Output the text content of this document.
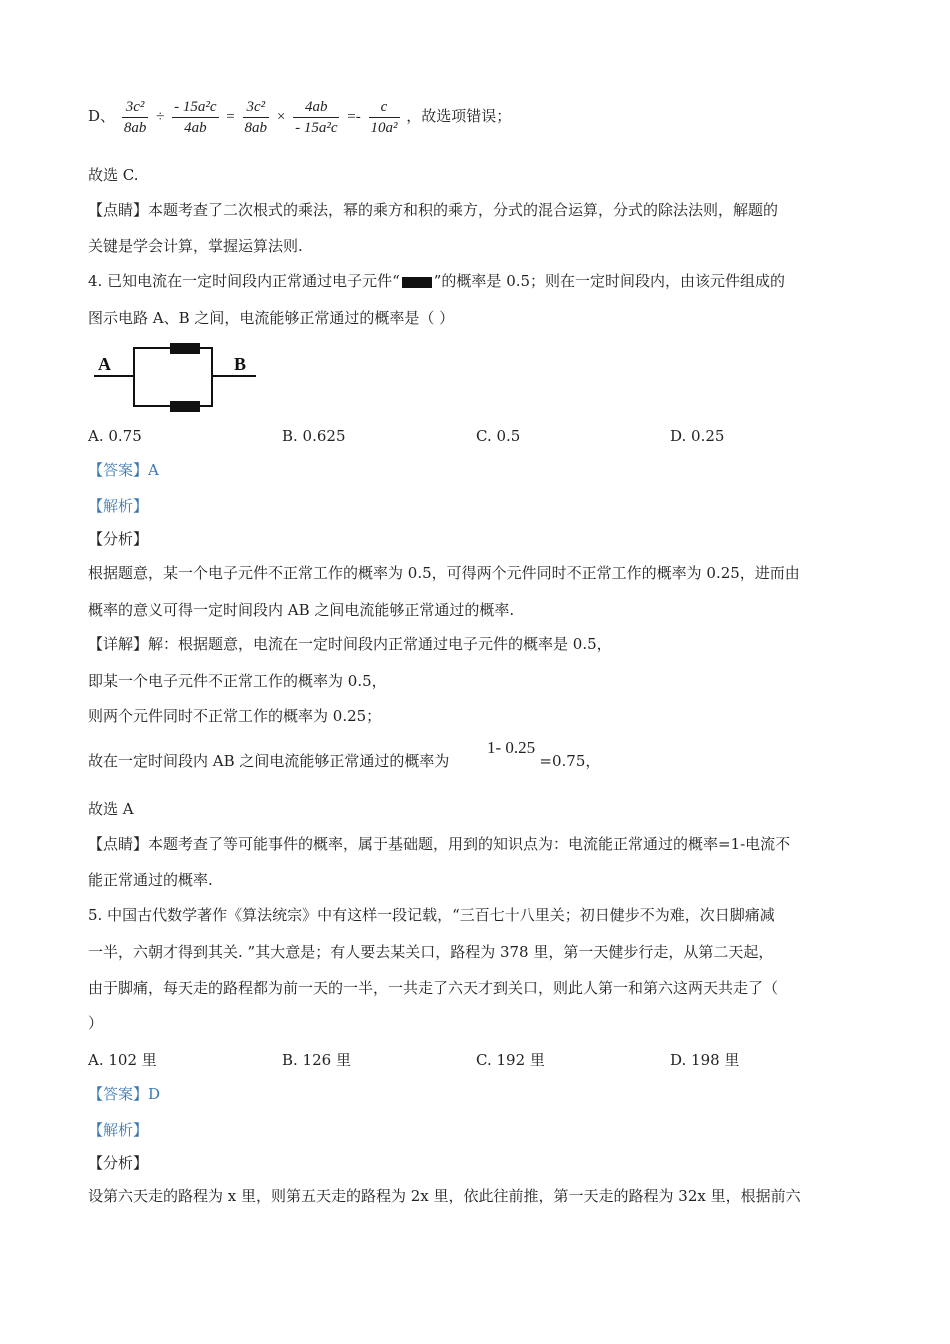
D、 $\frac{\text{3c²}}{8ab} \div \frac{\text{- 15a²c}}{4ab} = \frac{\text{3c²}}{8ab} \times \frac{4ab}{\text{- 15a²c}} =- \frac{c}{\text{10a²}}$ ，故选项错误；
故选 C.
【点睛】本题考查了二次根式的乘法，幂的乘方和积的乘方，分式的混合运算，分式的除法法则，解题的
关键是学会计算，掌握运算法则.
4. 已知电流在一定时间段内正常通过电子元件“ ”的概率是 0.5；则在一定时间段内，由该元件组成的
图示电路 A、B 之间，电流能够正常通过的概率是（ ）
A	B
A. 0.75	B. 0.625	C. 0.5	D. 0.25
【答案】A
【解析】
【分析】
根据题意，某一个电子元件不正常工作的概率为 0.5，可得两个元件同时不正常工作的概率为 0.25，进而由
概率的意义可得一定时间段内 AB 之间电流能够正常通过的概率.
【详解】解：根据题意，电流在一定时间段内正常通过电子元件的概率是 0.5，
即某一个电子元件不正常工作的概率为 0.5，
则两个元件同时不正常工作的概率为 0.25；
故在一定时间段内 AB 之间电流能够正常通过的概率为	=0.75，
1- 0.25
故选 A
【点睛】本题考查了等可能事件的概率，属于基础题，用到的知识点为：电流能正常通过的概率=1-电流不
能正常通过的概率.
5. 中国古代数学著作《算法统宗》中有这样一段记载，“三百七十八里关；初日健步不为难，次日脚痛减
一半，六朝才得到其关. ”其大意是；有人要去某关口，路程为 378 里，第一天健步行走，从第二天起，
由于脚痛，每天走的路程都为前一天的一半，一共走了六天才到关口，则此人第一和第六这两天共走了（
）
A. 102 里	B. 126 里	C. 192 里	D. 198 里
【答案】D
【解析】
【分析】
设第六天走的路程为 x 里，则第五天走的路程为 2x 里，依此往前推，第一天走的路程为 32x 里，根据前六
